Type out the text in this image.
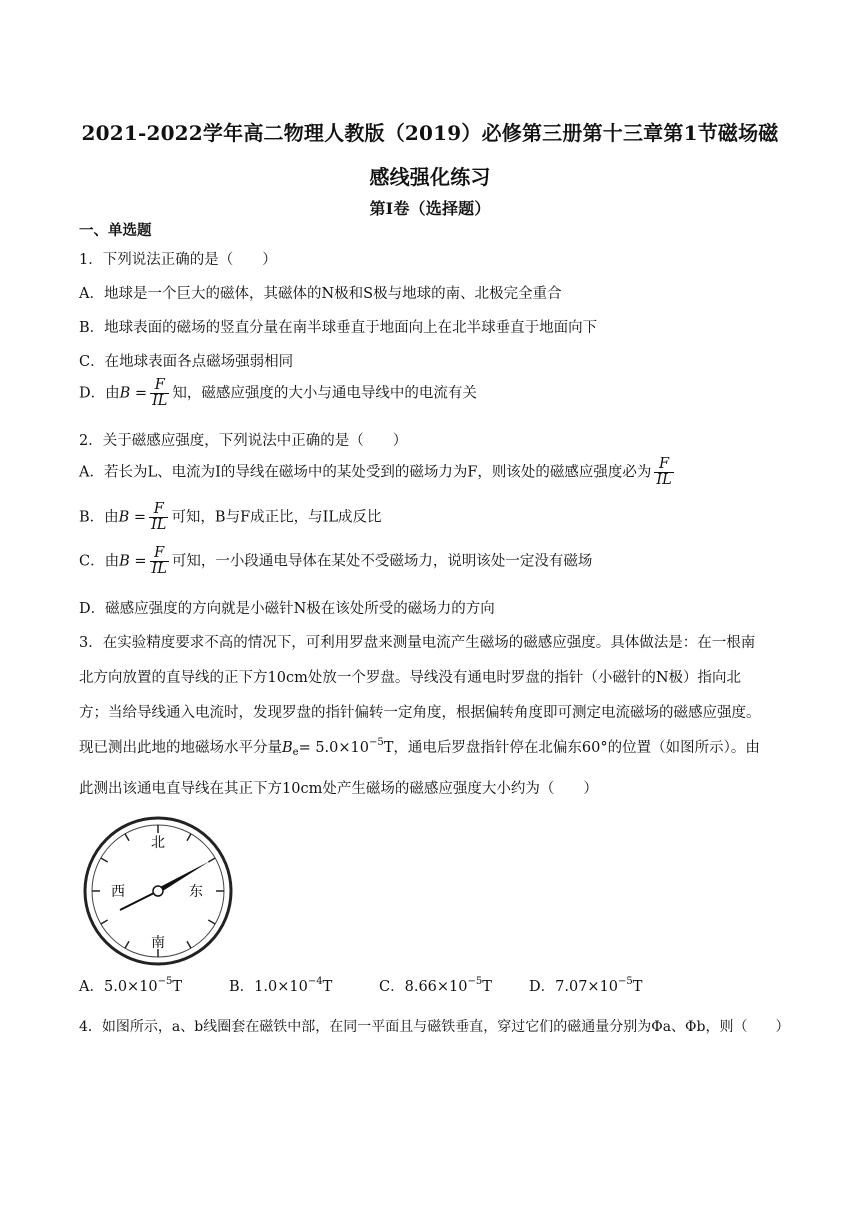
2021-2022学年高二物理人教版（2019）必修第三册第十三章第1节磁场磁
感线强化练习
第Ⅰ卷（选择题）
一、单选题
1．下列说法正确的是（　　）
A．地球是一个巨大的磁体，其磁体的N极和S极与地球的南、北极完全重合
B．地球表面的磁场的竖直分量在南半球垂直于地面向上在北半球垂直于地面向下
C．在地球表面各点磁场强弱相同
D．由$B = \frac{F}{IL}$ 知，磁感应强度的大小与通电导线中的电流有关
2．关于磁感应强度，下列说法中正确的是（　　）
A．若长为L、电流为I的导线在磁场中的某处受到的磁场力为F，则该处的磁感应强度必为 $\frac{F}{IL}$
B．由$B = \frac{F}{IL}$ 可知，B与F成正比，与IL成反比
C．由$B = \frac{F}{IL}$ 可知，一小段通电导体在某处不受磁场力，说明该处一定没有磁场
D．磁感应强度的方向就是小磁针N极在该处所受的磁场力的方向
3．在实验精度要求不高的情况下，可利用罗盘来测量电流产生磁场的磁感应强度。具体做法是：在一根南
北方向放置的直导线的正下方10cm处放一个罗盘。导线没有通电时罗盘的指针（小磁针的N极）指向北
方；当给导线通入电流时，发现罗盘的指针偏转一定角度，根据偏转角度即可测定电流磁场的磁感应强度。
现已测出此地的地磁场水平分量$B_e= 5.0\times 10^{-5}T$，通电后罗盘指针停在北偏东60°的位置（如图所示）。由
此测出该通电直导线在其正下方10cm处产生磁场的磁感应强度大小约为（　　）
北
南
东
西
A．$5.0\times 10^{-5}T$	B．$1.0\times 10^{-4}T$	C．$8.66\times 10^{-5}T$	D．$7.07\times 10^{-5}T$
4．如图所示，a、b线圈套在磁铁中部，在同一平面且与磁铁垂直，穿过它们的磁通量分别为Φa、Φb，则（　　）
